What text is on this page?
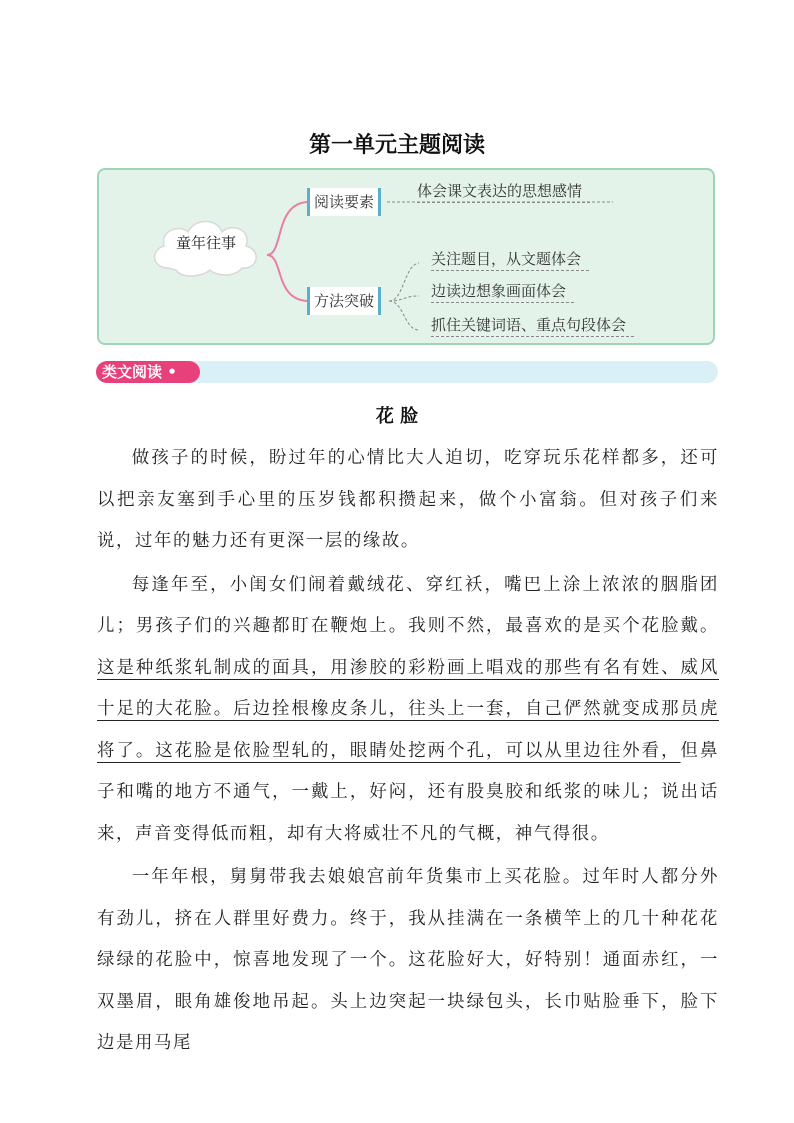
第一单元主题阅读
童年往事
阅读要素
方法突破
体会课文表达的思想感情
关注题目，从文题体会
边读边想象画面体会
抓住关键词语、重点句段体会
类文阅读 •
花 脸

做孩子的时候，盼过年的心情比大人迫切，吃穿玩乐花样都多，还可以把亲友塞到手心里的压岁钱都积攒起来，做个小富翁。但对孩子们来说，过年的魅力还有更深一层的缘故。

每逢年至，小闺女们闹着戴绒花、穿红袄，嘴巴上涂上浓浓的胭脂团儿；男孩子们的兴趣都盯在鞭炮上。我则不然，最喜欢的是买个花脸戴。这是种纸浆轧制成的面具，用渗胶的彩粉画上唱戏的那些有名有姓、威风十足的大花脸。后边拴根橡皮条儿，往头上一套，自己俨然就变成那员虎将了。这花脸是依脸型轧的，眼睛处挖两个孔，可以从里边往外看，但鼻子和嘴的地方不通气，一戴上，好闷，还有股臭胶和纸浆的味儿；说出话来，声音变得低而粗，却有大将威壮不凡的气概，神气得很。

一年年根，舅舅带我去娘娘宫前年货集市上买花脸。过年时人都分外有劲儿，挤在人群里好费力。终于，我从挂满在一条横竿上的几十种花花绿绿的花脸中，惊喜地发现了一个。这花脸好大，好特别！通面赤红，一双墨眉，眼角雄俊地吊起。头上边突起一块绿包头，长巾贴脸垂下，脸下边是用马尾
